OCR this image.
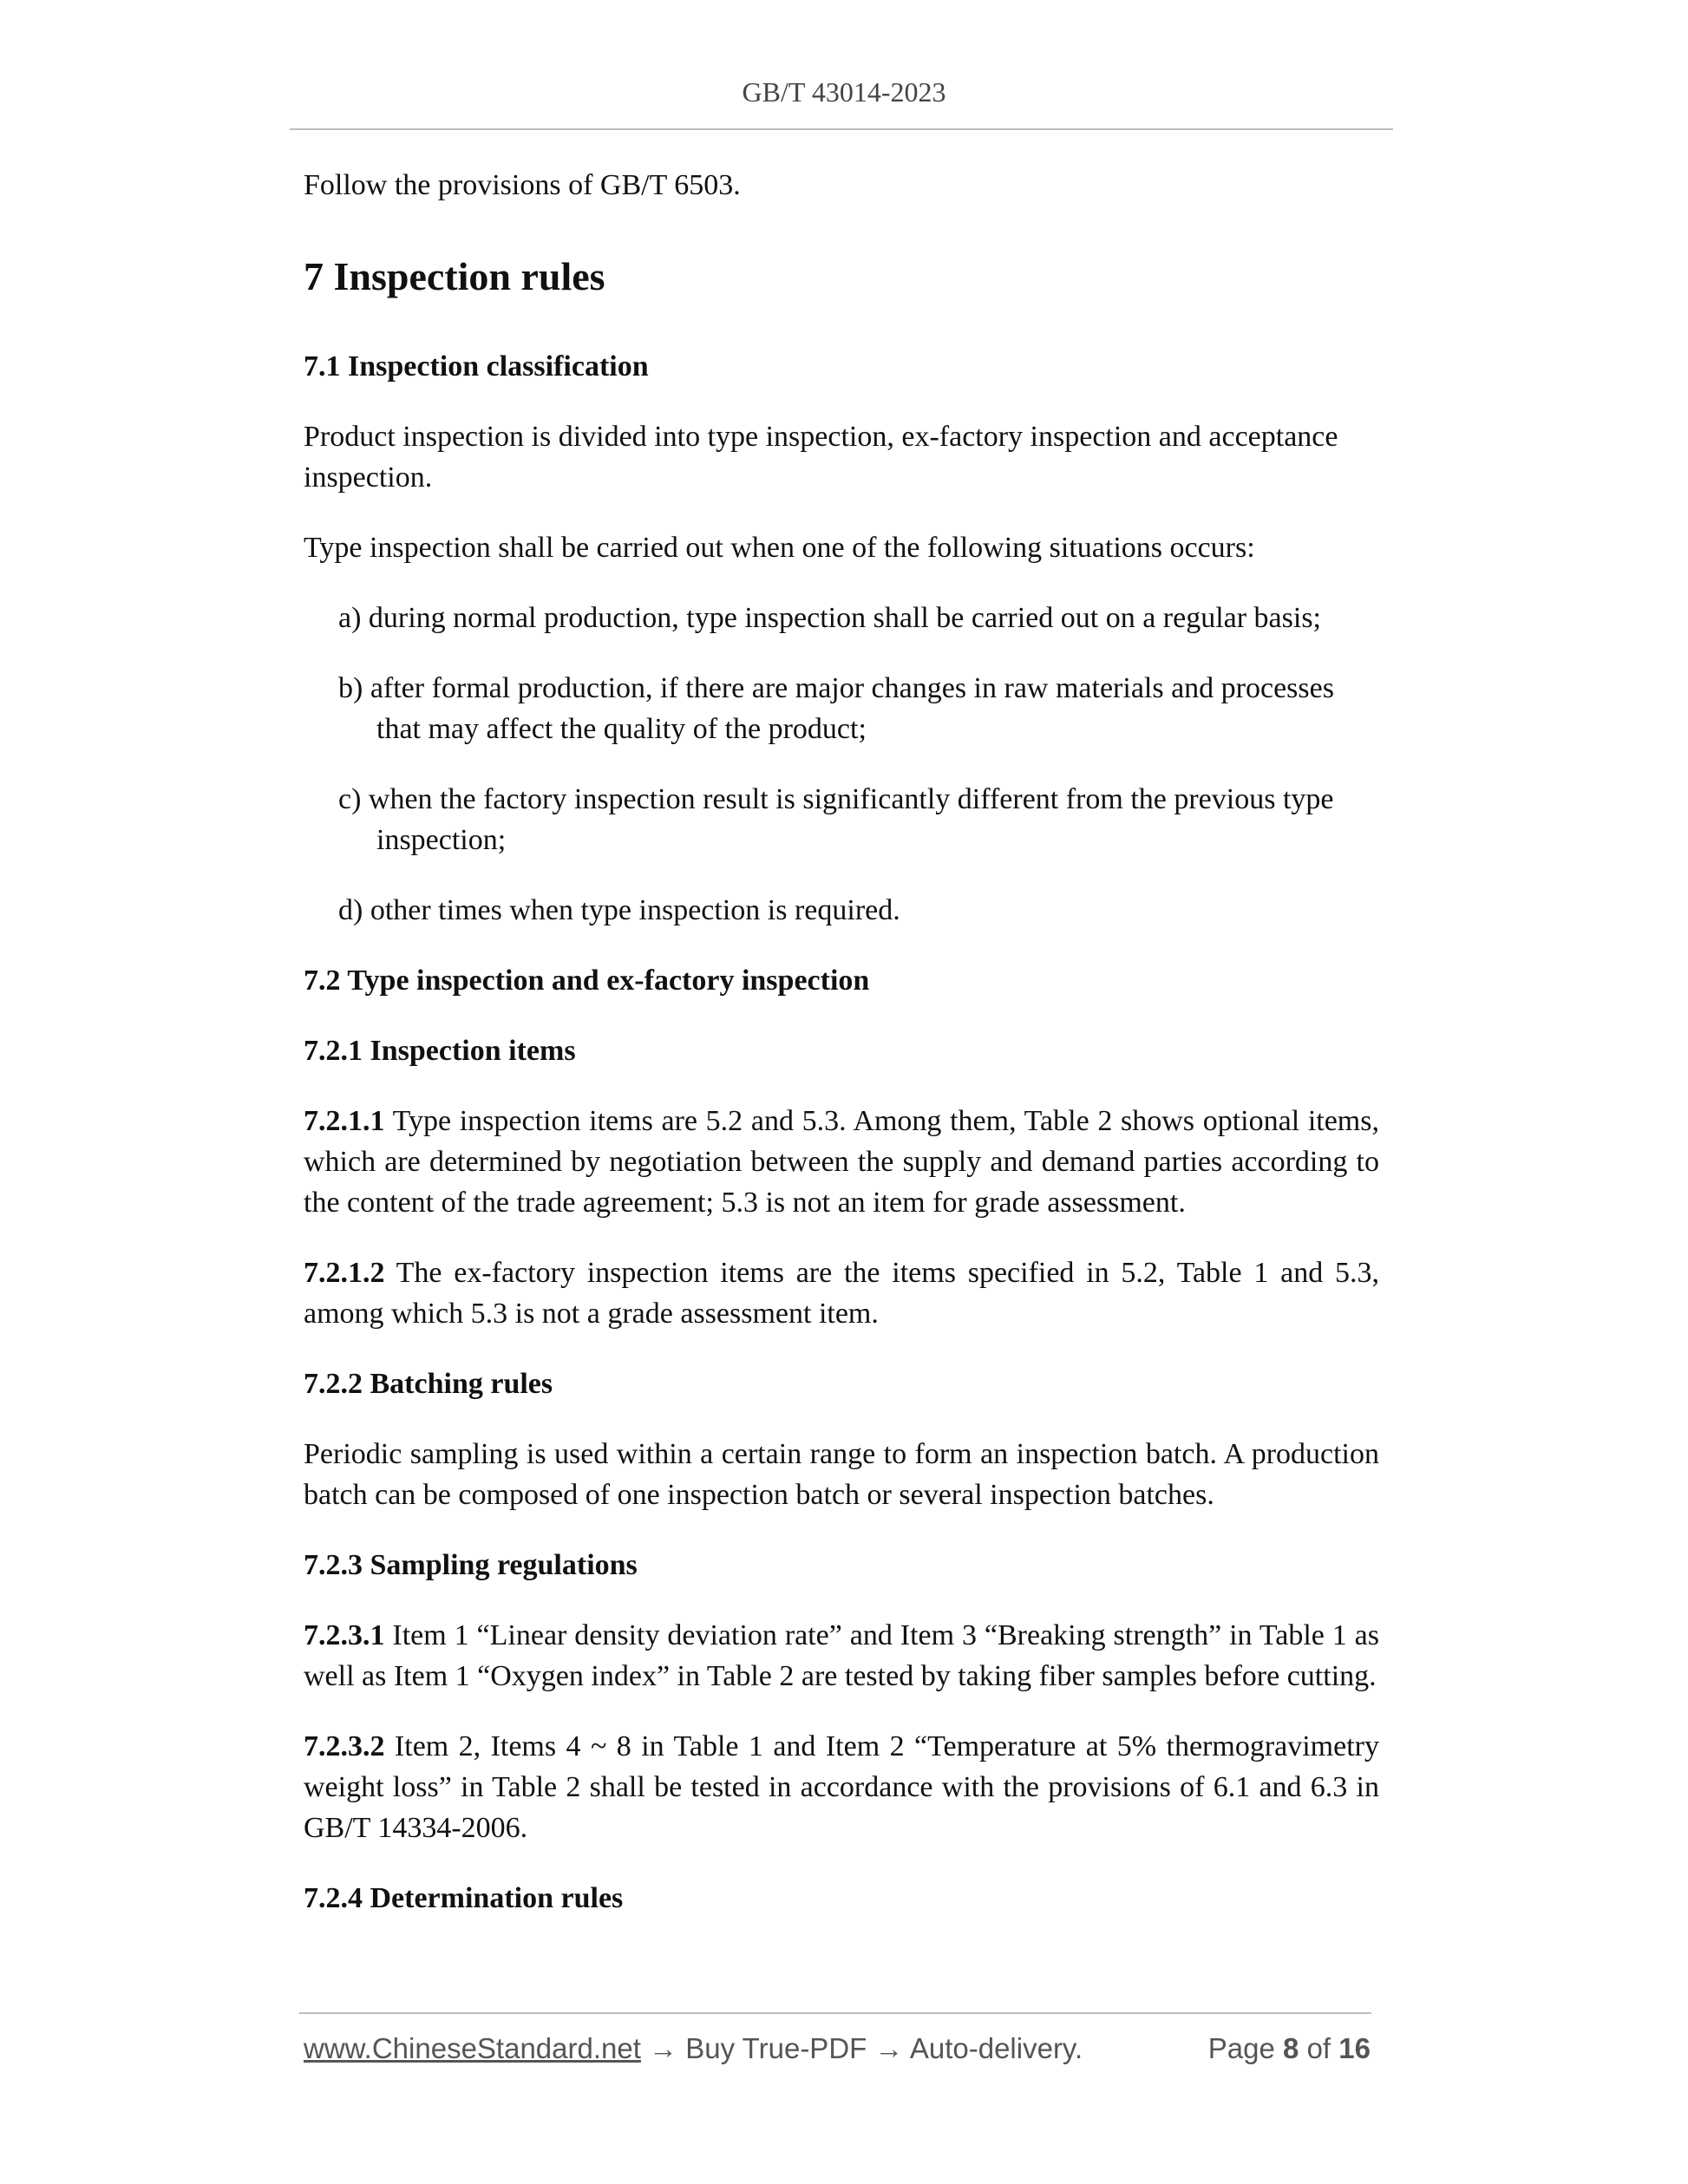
GB/T 43014-2023

Follow the provisions of GB/T 6503.

7 Inspection rules
7.1 Inspection classification

Product inspection is divided into type inspection, ex-factory inspection and acceptance inspection.

Type inspection shall be carried out when one of the following situations occurs:

a) during normal production, type inspection shall be carried out on a regular basis;
b) after formal production, if there are major changes in raw materials and processes that may affect the quality of the product;
c) when the factory inspection result is significantly different from the previous type inspection;
d) other times when type inspection is required.
7.2 Type inspection and ex-factory inspection
7.2.1 Inspection items

7.2.1.1 Type inspection items are 5.2 and 5.3. Among them, Table 2 shows optional items, which are determined by negotiation between the supply and demand parties according to the content of the trade agreement; 5.3 is not an item for grade assessment.

7.2.1.2 The ex-factory inspection items are the items specified in 5.2, Table 1 and 5.3, among which 5.3 is not a grade assessment item.

7.2.2 Batching rules

Periodic sampling is used within a certain range to form an inspection batch. A production batch can be composed of one inspection batch or several inspection batches.

7.2.3 Sampling regulations

7.2.3.1 Item 1 “Linear density deviation rate” and Item 3 “Breaking strength” in Table 1 as well as Item 1 “Oxygen index” in Table 2 are tested by taking fiber samples before cutting.

7.2.3.2 Item 2, Items 4 ~ 8 in Table 1 and Item 2 “Temperature at 5% thermogravimetry weight loss” in Table 2 shall be tested in accordance with the provisions of 6.1 and 6.3 in GB/T 14334-2006.

7.2.4 Determination rules
www.ChineseStandard.net → Buy True-PDF → Auto-delivery.	Page 8 of 16
